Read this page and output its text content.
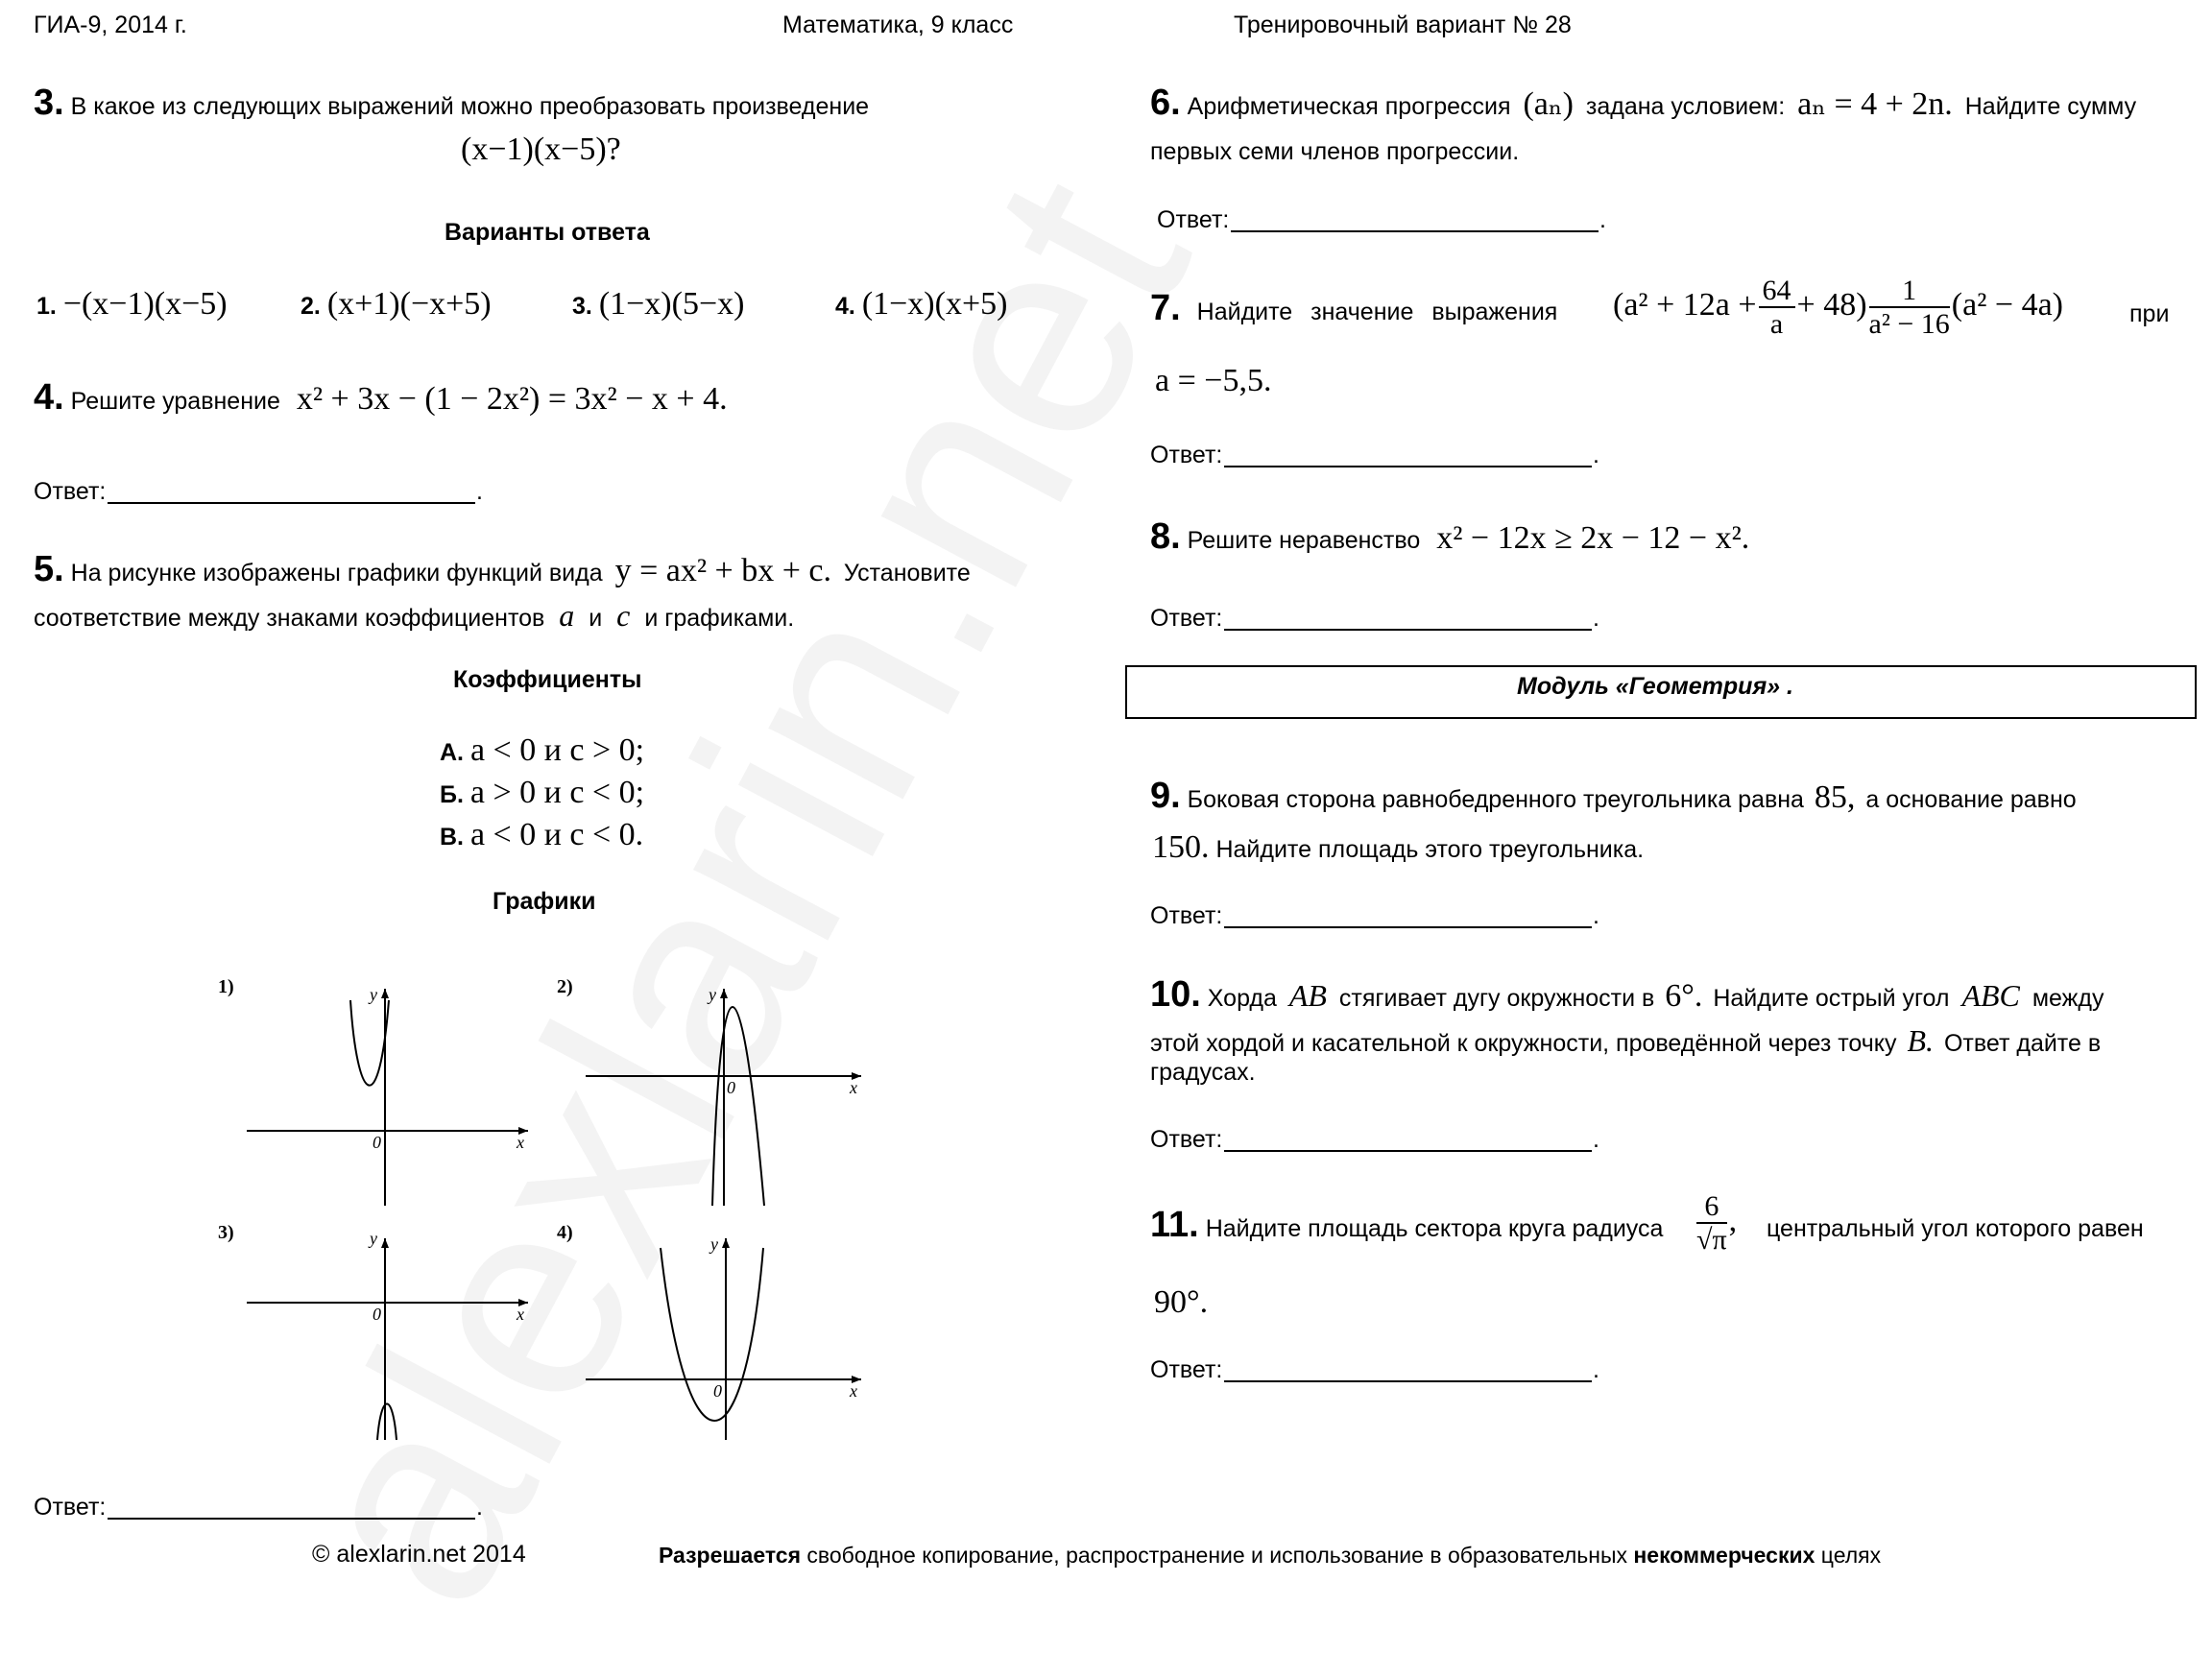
ГИА-9, 2014 г.	Математика, 9 класс	Тренировочный вариант № 28
3. В какое из следующих выражений можно преобразовать произведение
(x−1)(x−5)?
Варианты ответа
1. −(x−1)(x−5)	2. (x+1)(−x+5)	3. (1−x)(5−x)	4. (1−x)(x+5)
4. Решите уравнение x² + 3x − (1 − 2x²) = 3x² − x + 4.
Ответ:	.
5. На рисунке изображены графики функций вида y = ax² + bx + c. Установите
соответствие между знаками коэффициентов a и c и графиками.
Коэффициенты
А. a < 0 и c > 0;
Б. a > 0 и c < 0;
В. a < 0 и c < 0.
Графики
1)	2)
3)	4)
y
x
0
y
x
0
y
x
0
y
x
0
Ответ:	.
6. Арифметическая прогрессия (aₙ) задана условием: aₙ = 4 + 2n. Найдите сумму
первых семи членов прогрессии.
Ответ:	.
7. Найдите значение выражения $(a^2 + 12a + \frac{64}{a} + 48) \frac{1}{\text{a² − 16}} (a^2 - 4a)$	при
a = −5,5.
Ответ:	.
8. Решите неравенство x² − 12x ≥ 2x − 12 − x².
Ответ:	.
Модуль «Геометрия» .
9. Боковая сторона равнобедренного треугольника равна 85, а основание равно
150. Найдите площадь этого треугольника.
Ответ:	.
10. Хорда AB стягивает дугу окружности в 6°. Найдите острый угол ABC между
этой хордой и касательной к окружности, проведённой через точку B. Ответ дайте в
градусах.
Ответ:	.
11. Найдите площадь сектора круга радиуса $\frac{6}{√\pi}$ , центральный угол которого равен
90°.
Ответ:	.
© alexlarin.net 2014	Разрешается свободное копирование, распространение и использование в образовательных некоммерческих целях
